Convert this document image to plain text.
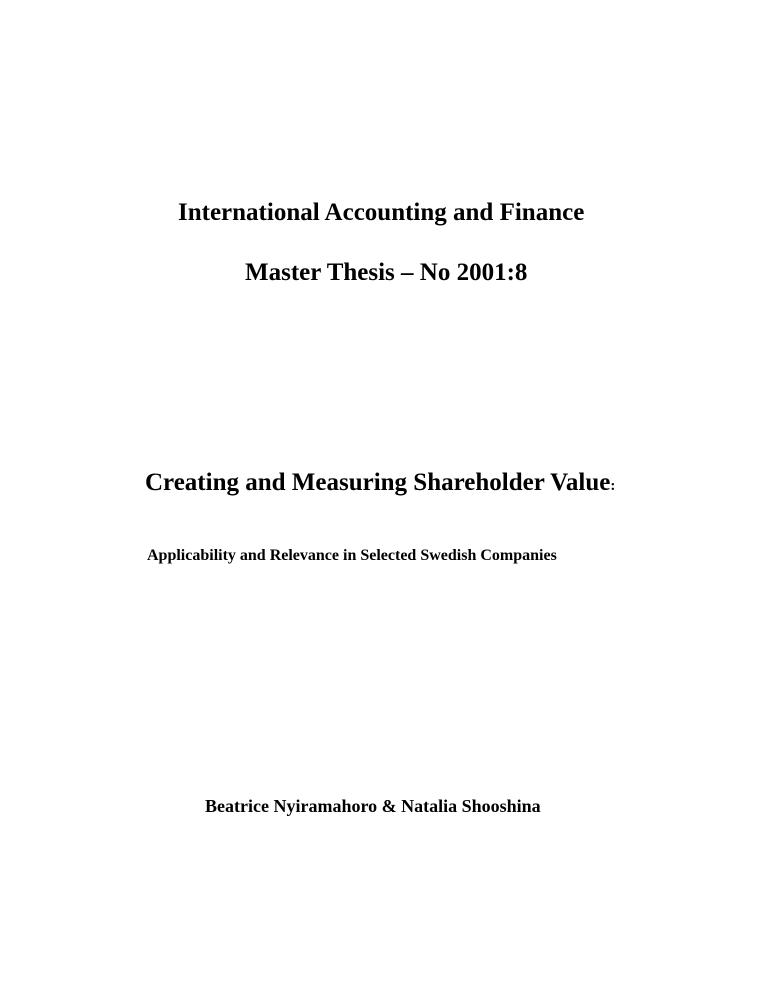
International Accounting and Finance
Master Thesis – No 2001:8
Creating and Measuring Shareholder Value:
Applicability and Relevance in Selected Swedish Companies
Beatrice Nyiramahoro & Natalia Shooshina
